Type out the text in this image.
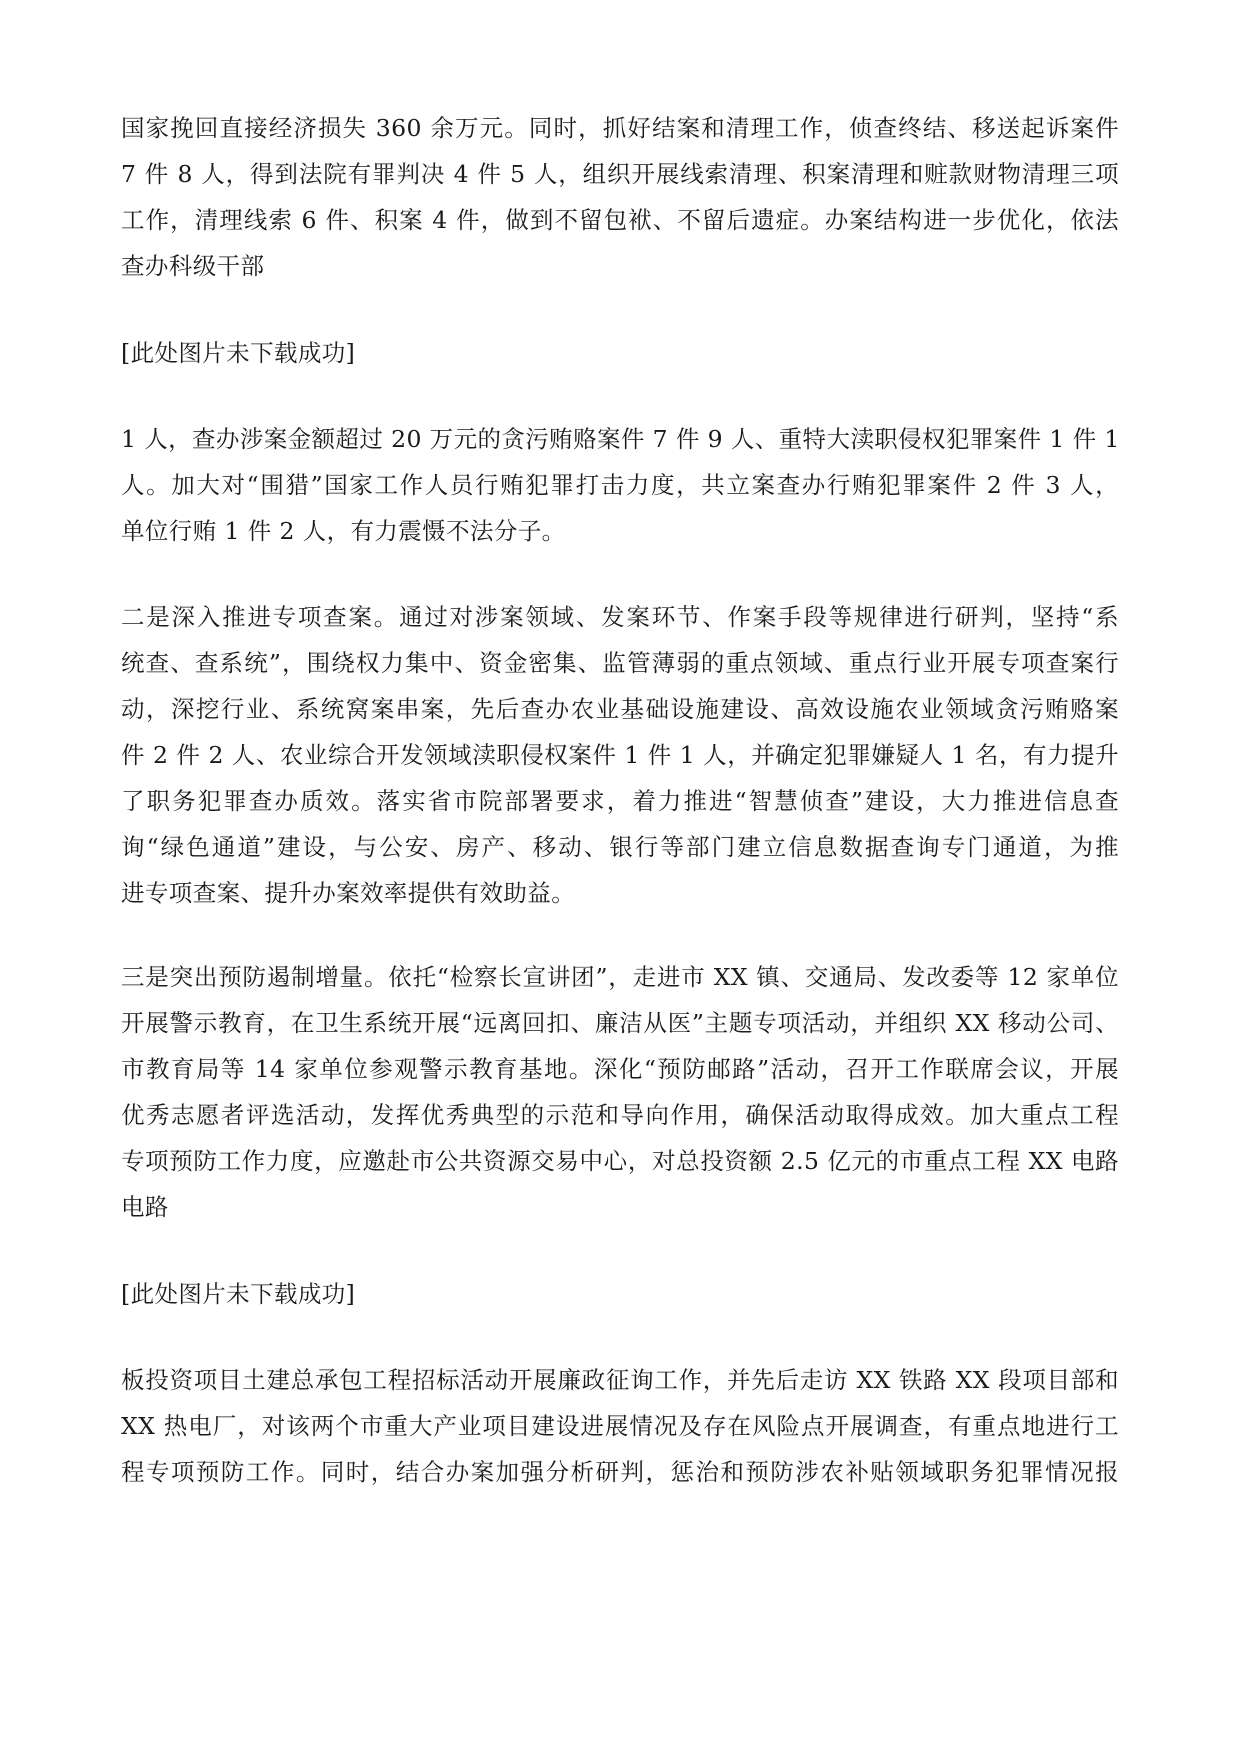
国家挽回直接经济损失 360 余万元。同时，抓好结案和清理工作，侦查终结、移送起诉案件
7 件 8 人，得到法院有罪判决 4 件 5 人，组织开展线索清理、积案清理和赃款财物清理三项
工作，清理线索 6 件、积案 4 件，做到不留包袱、不留后遗症。办案结构进一步优化，依法
查办科级干部
[此处图片未下载成功]
1 人，查办涉案金额超过 20 万元的贪污贿赂案件 7 件 9 人、重特大渎职侵权犯罪案件 1 件 1
人。加大对“围猎”国家工作人员行贿犯罪打击力度，共立案查办行贿犯罪案件 2 件 3 人，
单位行贿 1 件 2 人，有力震慑不法分子。
二是深入推进专项查案。通过对涉案领域、发案环节、作案手段等规律进行研判，坚持“系
统查、查系统”，围绕权力集中、资金密集、监管薄弱的重点领域、重点行业开展专项查案行
动，深挖行业、系统窝案串案，先后查办农业基础设施建设、高效设施农业领域贪污贿赂案
件 2 件 2 人、农业综合开发领域渎职侵权案件 1 件 1 人，并确定犯罪嫌疑人 1 名，有力提升
了职务犯罪查办质效。落实省市院部署要求，着力推进“智慧侦查”建设，大力推进信息查
询“绿色通道”建设，与公安、房产、移动、银行等部门建立信息数据查询专门通道，为推
进专项查案、提升办案效率提供有效助益。
三是突出预防遏制增量。依托“检察长宣讲团”，走进市 XX 镇、交通局、发改委等 12 家单位
开展警示教育，在卫生系统开展“远离回扣、廉洁从医”主题专项活动，并组织 XX 移动公司、
市教育局等 14 家单位参观警示教育基地。深化“预防邮路”活动，召开工作联席会议，开展
优秀志愿者评选活动，发挥优秀典型的示范和导向作用，确保活动取得成效。加大重点工程
专项预防工作力度，应邀赴市公共资源交易中心，对总投资额 2.5 亿元的市重点工程 XX 电路
电路
[此处图片未下载成功]
板投资项目土建总承包工程招标活动开展廉政征询工作，并先后走访 XX 铁路 XX 段项目部和
XX 热电厂，对该两个市重大产业项目建设进展情况及存在风险点开展调查，有重点地进行工
程专项预防工作。同时，结合办案加强分析研判，惩治和预防涉农补贴领域职务犯罪情况报
